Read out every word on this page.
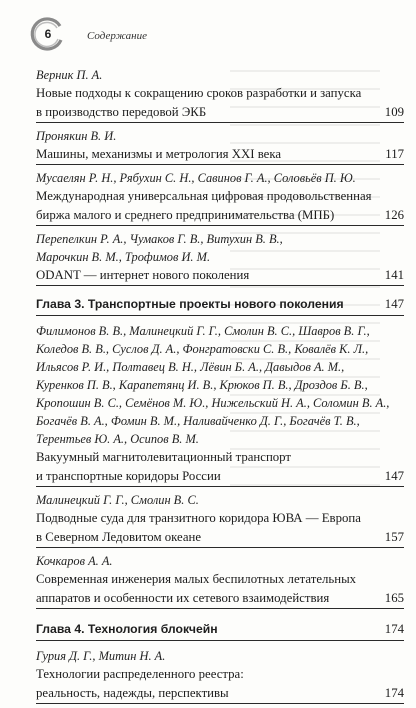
6	Содержание
Верник П. А.
Новые подходы к сокращению сроков разработки и запуска
в производство передовой ЭКБ	109
Пронякин В. И.
Машины, механизмы и метрология XXI века	117
Мусаелян Р. Н., Рябухин С. Н., Савинов Г. А., Соловьёв П. Ю.
Международная универсальная цифровая продовольственная
биржа малого и среднего предпринимательства (МПБ)	126
Перепелкин Р. А., Чумаков Г. В., Витухин В. В.,
Марочкин В. М., Трофимов И. М.
ODANT — интернет нового поколения	141
Глава 3. Транспортные проекты нового поколения	147
Филимонов В. В., Малинецкий Г. Г., Смолин В. С., Шавров В. Г.,
Коледов В. В., Суслов Д. А., Фонгратовски С. В., Ковалёв К. Л.,
Ильясов Р. И., Полтавец В. Н., Лёвин Б. А., Давыдов А. М.,
Куренков П. В., Карапетянц И. В., Крюков П. В., Дроздов Б. В.,
Кропошин В. С., Семёнов М. Ю., Нижельский Н. А., Соломин В. А.,
Богачёв В. А., Фомин В. М., Наливайченко Д. Г., Богачёв Т. В.,
Терентьев Ю. А., Осипов В. М.
Вакуумный магнитолевитационный транспорт
и транспортные коридоры России	147
Малинецкий Г. Г., Смолин В. С.
Подводные суда для транзитного коридора ЮВА — Европа
в Северном Ледовитом океане	157
Кочкаров А. А.
Современная инженерия малых беспилотных летательных
аппаратов и особенности их сетевого взаимодействия	165
Глава 4. Технология блокчейн	174
Гурия Д. Г., Митин Н. А.
Технологии распределенного реестра:
реальность, надежды, перспективы	174
